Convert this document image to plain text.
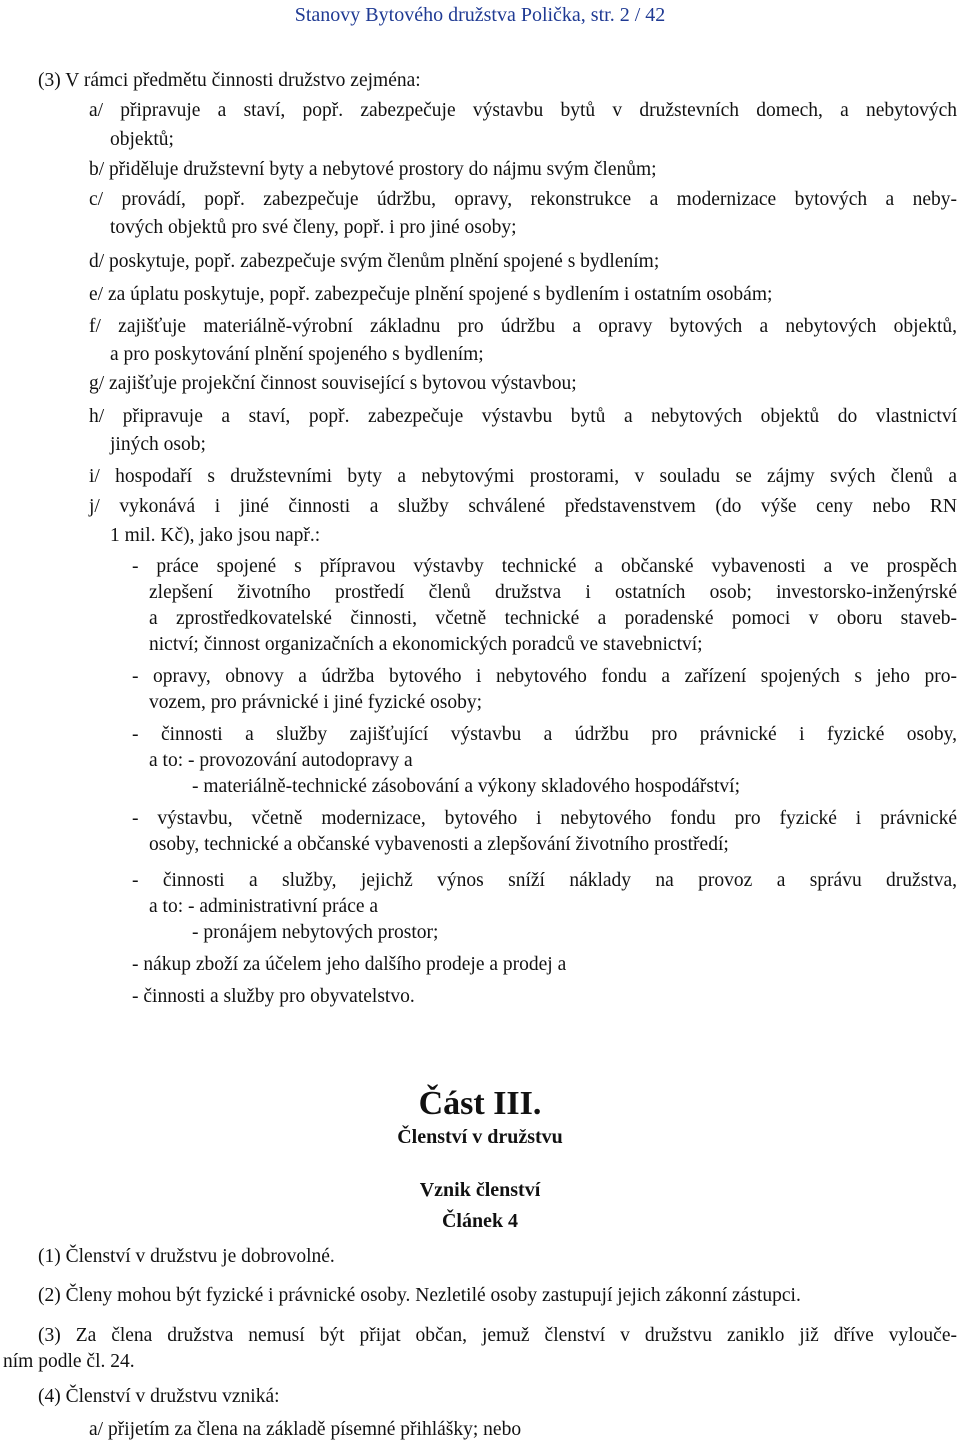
Stanovy Bytového družstva Polička, str. 2 / 42
(3) V rámci předmětu činnosti družstvo zejména:
a/ připravuje a staví, popř. zabezpečuje výstavbu bytů v družstevních domech, a nebytových
objektů;
b/ přiděluje družstevní byty a nebytové prostory do nájmu svým členům;
c/ provádí, popř. zabezpečuje údržbu, opravy, rekonstrukce a modernizace bytových a neby-
tových objektů pro své členy, popř. i pro jiné osoby;
d/ poskytuje, popř. zabezpečuje svým členům plnění spojené s bydlením;
e/ za úplatu poskytuje, popř. zabezpečuje plnění spojené s bydlením i ostatním osobám;
f/ zajišťuje materiálně-výrobní základnu pro údržbu a opravy bytových a nebytových objektů,
a pro poskytování plnění spojeného s bydlením;
g/ zajišťuje projekční činnost související s bytovou výstavbou;
h/ připravuje a staví, popř. zabezpečuje výstavbu bytů a nebytových objektů do vlastnictví
jiných osob;
i/ hospodaří s družstevními byty a nebytovými prostorami, v souladu se zájmy svých členů a
j/ vykonává i jiné činnosti a služby schválené představenstvem (do výše ceny nebo RN
1 mil. Kč), jako jsou např.:
- práce spojené s přípravou výstavby technické a občanské vybavenosti a ve prospěch
zlepšení životního prostředí členů družstva i ostatních osob; investorsko-inženýrské
a zprostředkovatelské činnosti, včetně technické a poradenské pomoci v oboru staveb-
nictví; činnost organizačních a ekonomických poradců ve stavebnictví;
- opravy, obnovy a údržba bytového i nebytového fondu a zařízení spojených s jeho pro-
vozem, pro právnické i jiné fyzické osoby;
- činnosti a služby zajišťující výstavbu a údržbu pro právnické i fyzické osoby,
a to: - provozování autodopravy a
- materiálně-technické zásobování a výkony skladového hospodářství;
- výstavbu, včetně modernizace, bytového i nebytového fondu pro fyzické i právnické
osoby, technické a občanské vybavenosti a zlepšování životního prostředí;
- činnosti a služby, jejichž výnos sníží náklady na provoz a správu družstva,
a to: - administrativní práce a
- pronájem nebytových prostor;
- nákup zboží za účelem jeho dalšího prodeje a prodej a
- činnosti a služby pro obyvatelstvo.
Část III.
Členství v družstvu
Vznik členství
Článek 4
(1) Členství v družstvu je dobrovolné.
(2) Členy mohou být fyzické i právnické osoby. Nezletilé osoby zastupují jejich zákonní zástupci.
(3) Za člena družstva nemusí být přijat občan, jemuž členství v družstvu zaniklo již dříve vylouče-
ním podle čl. 24.
(4) Členství v družstvu vzniká:
a/ přijetím za člena na základě písemné přihlášky; nebo
